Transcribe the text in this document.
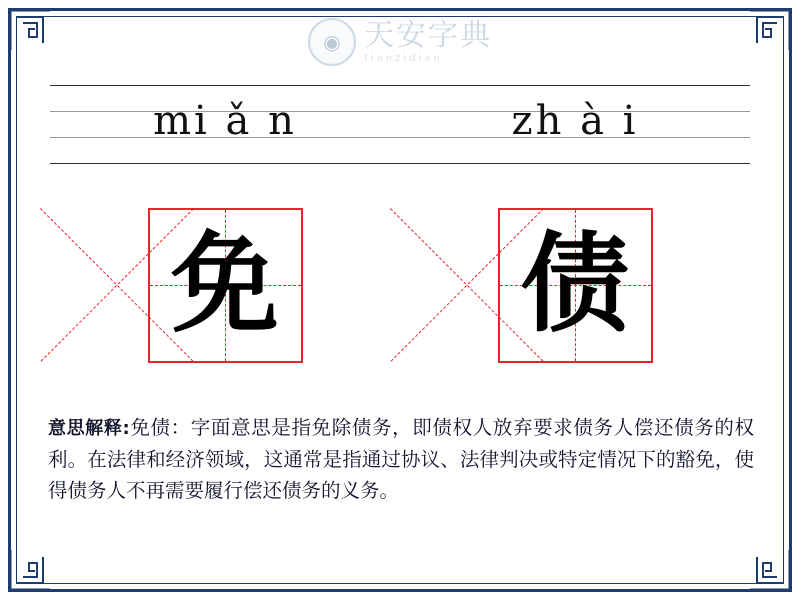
◉ 天安字典
tianzidian
mi ǎ n	zh à i
免 债
意思解释:免债：字面意思是指免除债务，即债权人放弃要求债务人偿还债务的权利。在法律和经济领域，这通常是指通过协议、法律判决或特定情况下的豁免，使得债务人不再需要履行偿还债务的义务。
